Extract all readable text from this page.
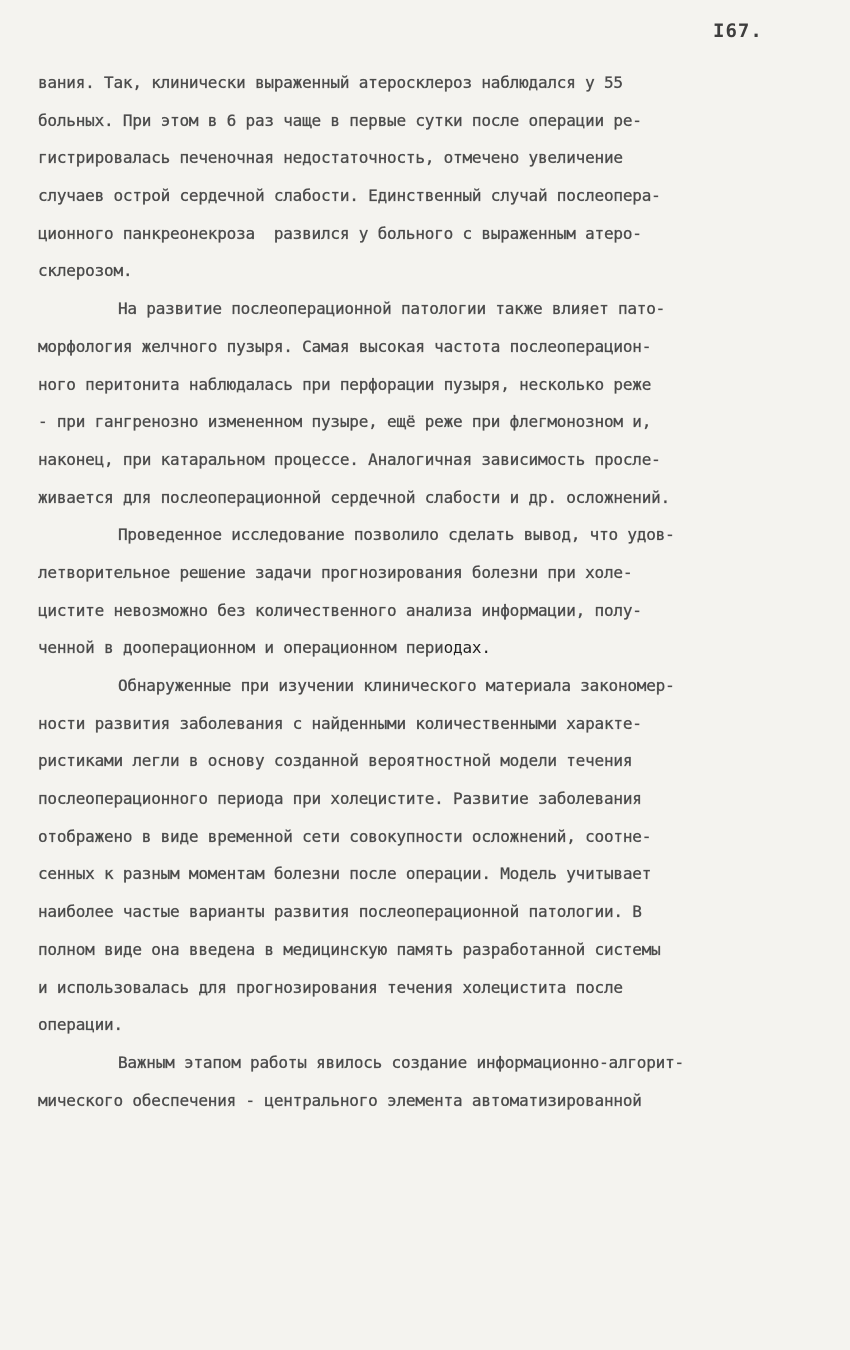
I67.
вания. Так, клинически выраженный атеросклероз наблюдался у 55
больных. При этом в 6 раз чаще в первые сутки после операции ре-
гистрировалась печеночная недостаточность, отмечено увеличение
случаев острой сердечной слабости. Единственный случай послеопера-
ционного панкреонекроза  развился у больного с выраженным атеро-
склерозом.
На развитие послеоперационной патологии также влияет пато-
морфология желчного пузыря. Самая высокая частота послеоперацион-
ного перитонита наблюдалась при перфорации пузыря, несколько реже
- при гангренозно измененном пузыре, ещё реже при флегмонозном и,
наконец, при катаральном процессе. Аналогичная зависимость просле-
живается для послеоперационной сердечной слабости и др. осложнений.
Проведенное исследование позволило сделать вывод, что удов-
летворительное решение задачи прогнозирования болезни при холе-
цистите невозможно без количественного анализа информации, полу-
ченной в дооперационном и операционном периодах.
Обнаруженные при изучении клинического материала закономер-
ности развития заболевания с найденными количественными характе-
ристиками легли в основу созданной вероятностной модели течения
послеоперационного периода при холецистите. Развитие заболевания
отображено в виде временной сети совокупности осложнений, соотне-
сенных к разным моментам болезни после операции. Модель учитывает
наиболее частые варианты развития послеоперационной патологии. В
полном виде она введена в медицинскую память разработанной системы
и использовалась для прогнозирования течения холецистита после
операции.
Важным этапом работы явилось создание информационно-алгорит-
мического обеспечения - центрального элемента автоматизированной
